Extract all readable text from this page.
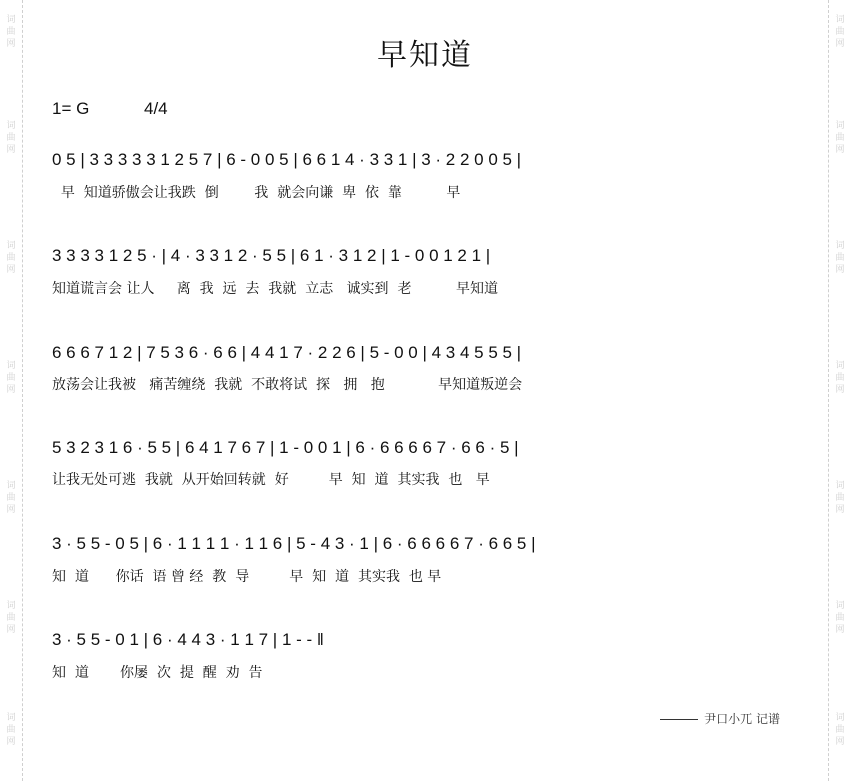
词曲网
词曲网
词曲网
词曲网
词曲网
词曲网
词曲网
词曲网
词曲网
词曲网
词曲网
词曲网
词曲网
词曲网
早知道
1= G	4/4
0 5 | 3 3 3 3 3 1 2 5 7 | 6 - 0 0 5 | 6 6 1 4 · 3 3 1 | 3 · 2 2 0 0 5 |
早  知道骄傲会让我跌  倒        我  就会向谦  卑  依  靠          早
3 3 3 3 1 2 5 · | 4 · 3 3 1 2 · 5 5 | 6 1 · 3 1 2 | 1 - 0 0 1 2 1 |
知道谎言会 让人     离  我  远  去  我就  立志   诚实到  老          早知道
6 6 6 7 1 2 | 7 5 3 6 · 6 6 | 4 4 1 7 · 2 2 6 | 5 - 0 0 | 4 3 4 5 5 5 |
放荡会让我被   痛苦缠绕  我就  不敢将试  探   拥   抱            早知道叛逆会
5 3 2 3 1 6 · 5 5 | 6 4 1 7 6 7 | 1 - 0 0 1 | 6 · 6 6 6 6 7 · 6 6 · 5 |
让我无处可逃  我就  从开始回转就  好         早  知  道  其实我  也   早
3 · 5 5 - 0 5 | 6 · 1 1 1 1 · 1 1 6 | 5 - 4 3 · 1 | 6 · 6 6 6 6 7 · 6 6 5 |
知  道      你话  语 曾 经  教  导         早  知  道  其实我  也 早
3 · 5 5 - 0 1 | 6 · 4 4 3 · 1 1 7 | 1 - - ‖
知  道       你屡  次  提  醒  劝  告
尹口小兀 记谱
